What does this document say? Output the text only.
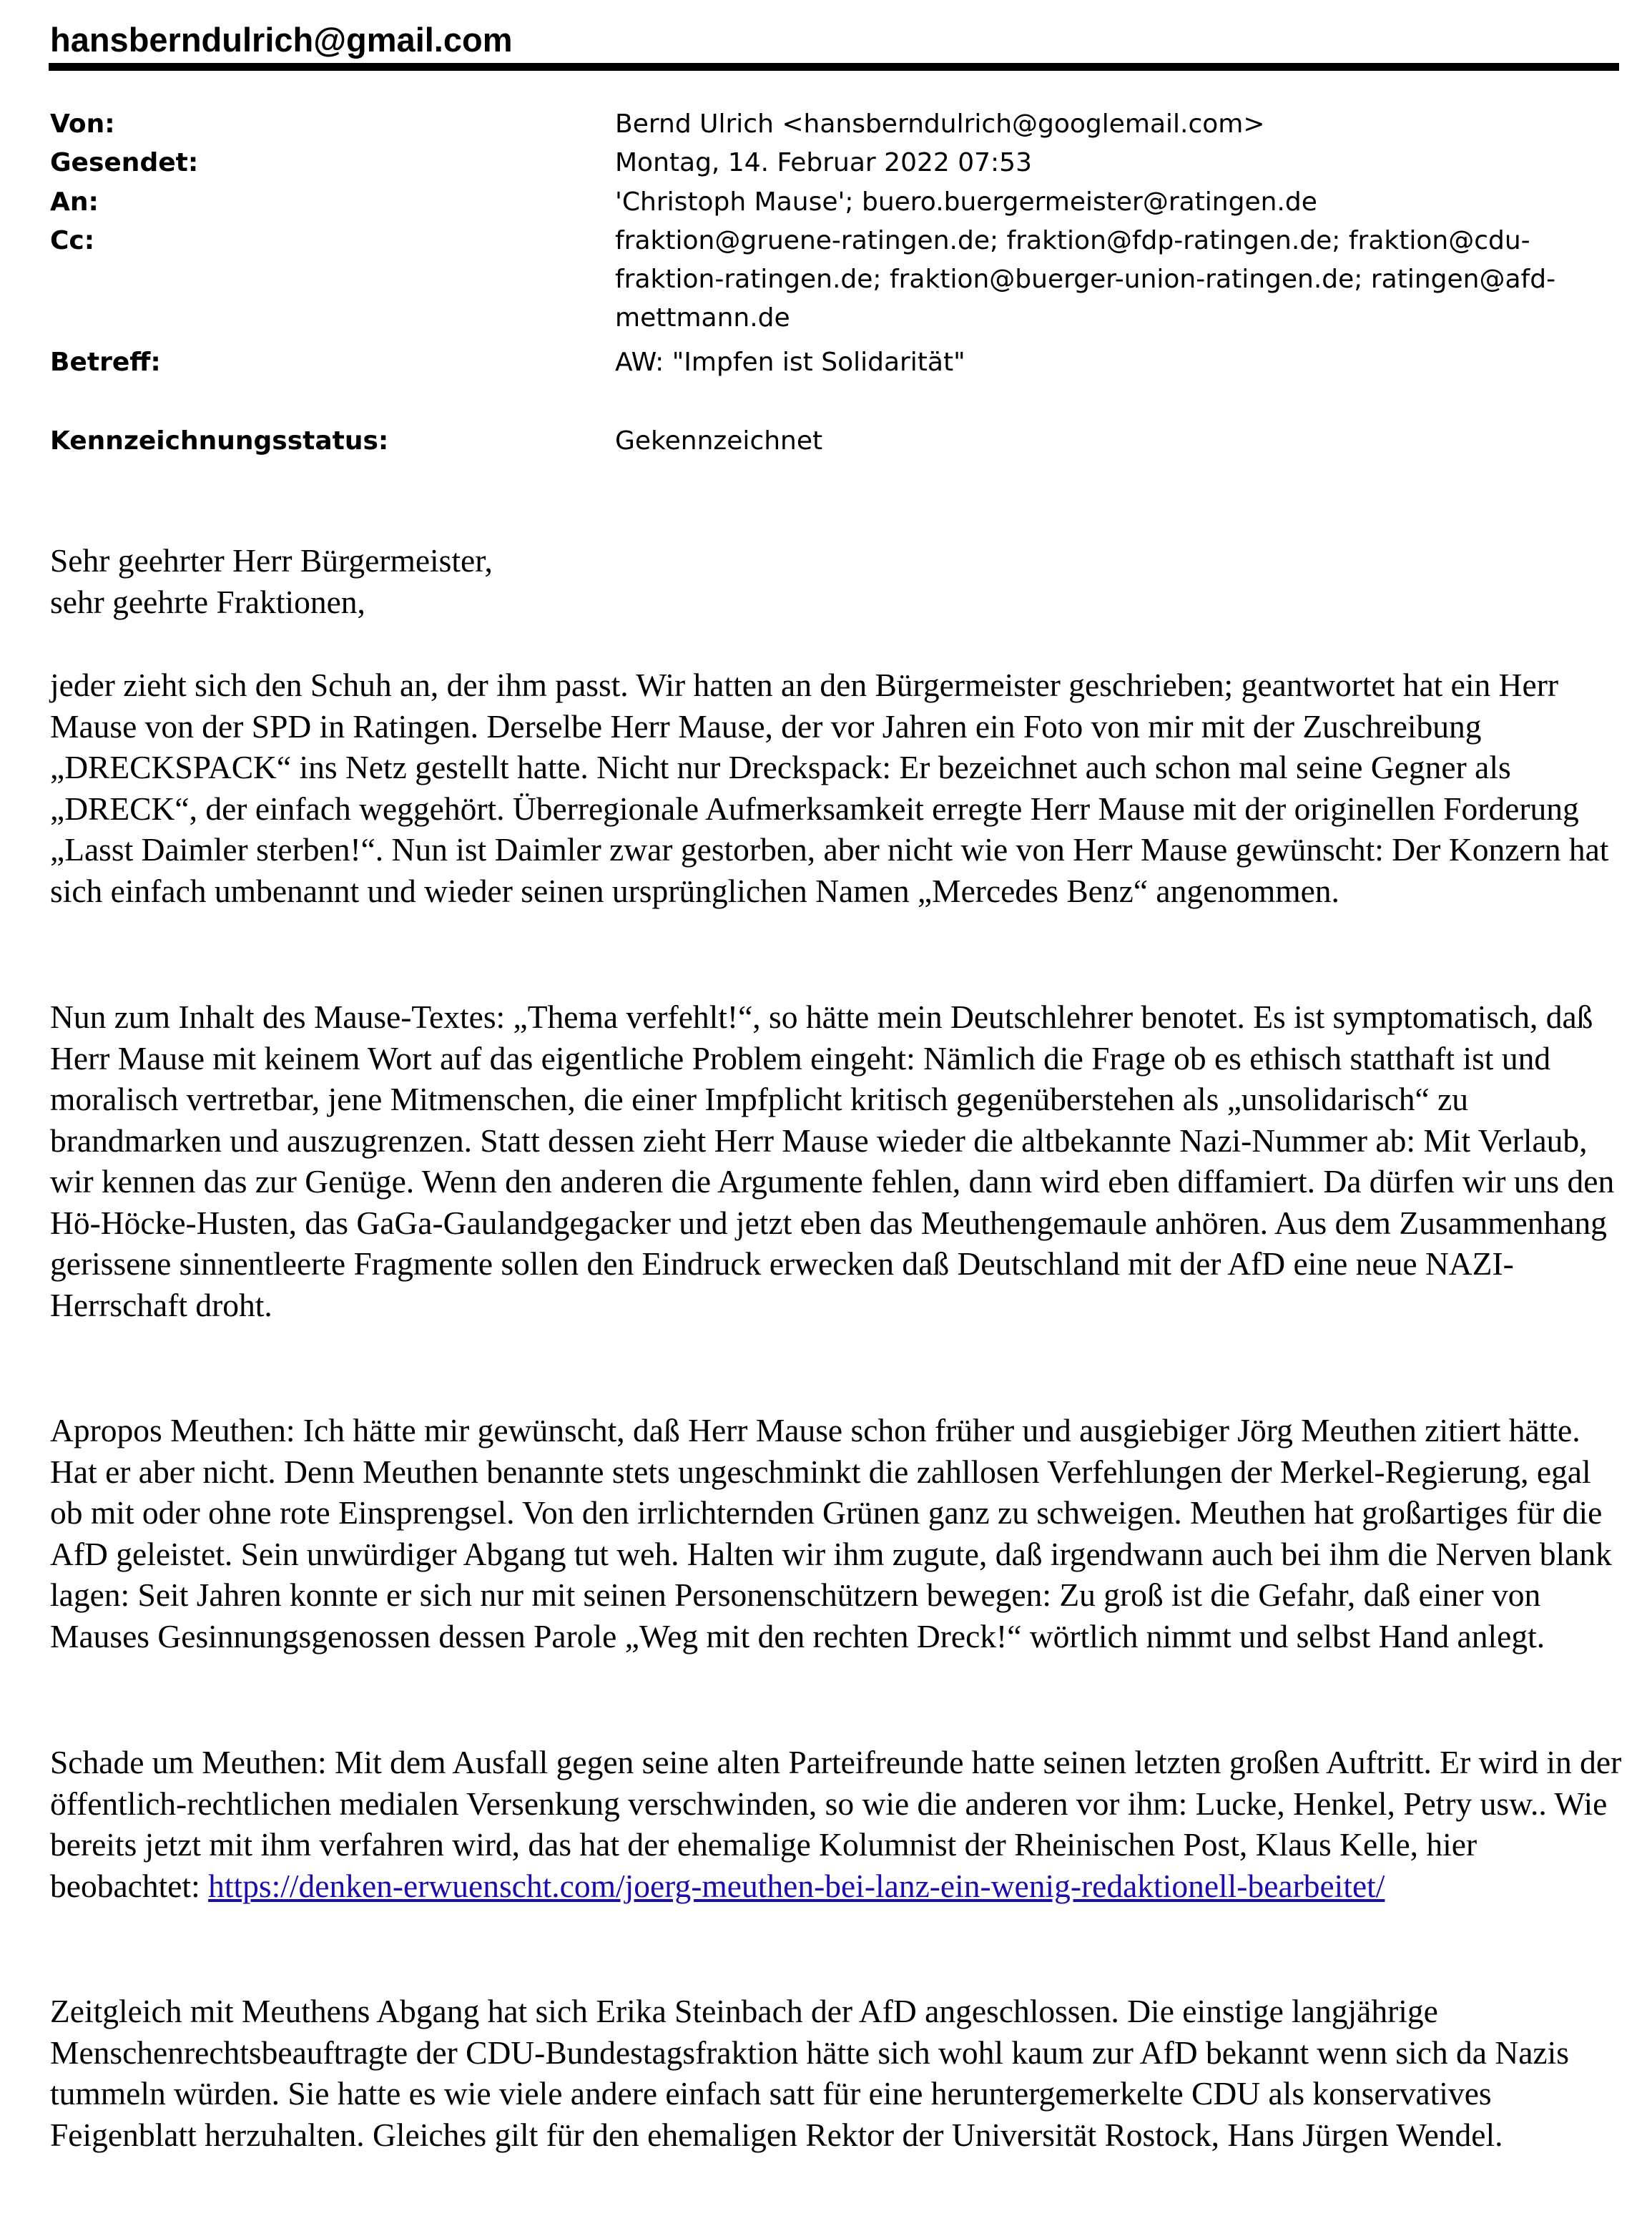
hansberndulrich@gmail.com

Von:	Bernd Ulrich <hansberndulrich@googlemail.com>

Gesendet:	Montag, 14. Februar 2022 07:53

An:	'Christoph Mause'; buero.buergermeister@ratingen.de

Cc:	fraktion@gruene-ratingen.de; fraktion@fdp-ratingen.de; fraktion@cdu-

fraktion-ratingen.de; fraktion@buerger-union-ratingen.de; ratingen@afd-

mettmann.de

Betreff:	AW: "Impfen ist Solidarität"

Kennzeichnungsstatus:	Gekennzeichnet

Sehr geehrter Herr Bürgermeister,
sehr geehrte Fraktionen,

jeder zieht sich den Schuh an, der ihm passt. Wir hatten an den Bürgermeister geschrieben; geantwortet hat ein Herr Mause von der SPD in Ratingen. Derselbe Herr Mause, der vor Jahren ein Foto von mir mit der Zuschreibung „DRECKSPACK“ ins Netz gestellt hatte. Nicht nur Dreckspack: Er bezeichnet auch schon mal seine Gegner als „DRECK“, der einfach weggehört. Überregionale Aufmerksamkeit erregte Herr Mause mit der originellen Forderung „Lasst Daimler sterben!“. Nun ist Daimler zwar gestorben, aber nicht wie von Herr Mause gewünscht: Der Konzern hat sich einfach umbenannt und wieder seinen ursprünglichen Namen „Mercedes Benz“ angenommen.

Nun zum Inhalt des Mause-Textes: „Thema verfehlt!“, so hätte mein Deutschlehrer benotet. Es ist symptomatisch, daß Herr Mause mit keinem Wort auf das eigentliche Problem eingeht: Nämlich die Frage ob es ethisch statthaft ist und moralisch vertretbar, jene Mitmenschen, die einer Impfplicht kritisch gegenüberstehen als „unsolidarisch“ zu brandmarken und auszugrenzen. Statt dessen zieht Herr Mause wieder die altbekannte Nazi-Nummer ab: Mit Verlaub, wir kennen das zur Genüge. Wenn den anderen die Argumente fehlen, dann wird eben diffamiert. Da dürfen wir uns den Hö-Höcke-Husten, das GaGa-Gaulandgegacker und jetzt eben das Meuthengemaule anhören. Aus dem Zusammenhang gerissene sinnentleerte Fragmente sollen den Eindruck erwecken daß Deutschland mit der AfD eine neue NAZI-Herrschaft droht.

Apropos Meuthen: Ich hätte mir gewünscht, daß Herr Mause schon früher und ausgiebiger Jörg Meuthen zitiert hätte. Hat er aber nicht. Denn Meuthen benannte stets ungeschminkt die zahllosen Verfehlungen der Merkel-Regierung, egal ob mit oder ohne rote Einsprengsel. Von den irrlichternden Grünen ganz zu schweigen. Meuthen hat großartiges für die AfD geleistet. Sein unwürdiger Abgang tut weh. Halten wir ihm zugute, daß irgendwann auch bei ihm die Nerven blank lagen: Seit Jahren konnte er sich nur mit seinen Personenschützern bewegen: Zu groß ist die Gefahr, daß einer von Mauses Gesinnungsgenossen dessen Parole „Weg mit den rechten Dreck!“ wörtlich nimmt und selbst Hand anlegt.

Schade um Meuthen: Mit dem Ausfall gegen seine alten Parteifreunde hatte seinen letzten großen Auftritt. Er wird in der öffentlich-rechtlichen medialen Versenkung verschwinden, so wie die anderen vor ihm: Lucke, Henkel, Petry usw.. Wie bereits jetzt mit ihm verfahren wird, das hat der ehemalige Kolumnist der Rheinischen Post, Klaus Kelle, hier beobachtet: https://denken-erwuenscht.com/joerg-meuthen-bei-lanz-ein-wenig-redaktionell-bearbeitet/

Zeitgleich mit Meuthens Abgang hat sich Erika Steinbach der AfD angeschlossen. Die einstige langjährige Menschenrechtsbeauftragte der CDU-Bundestagsfraktion hätte sich wohl kaum zur AfD bekannt wenn sich da Nazis tummeln würden. Sie hatte es wie viele andere einfach satt für eine heruntergemerkelte CDU als konservatives Feigenblatt herzuhalten. Gleiches gilt für den ehemaligen Rektor der Universität Rostock, Hans Jürgen Wendel.
